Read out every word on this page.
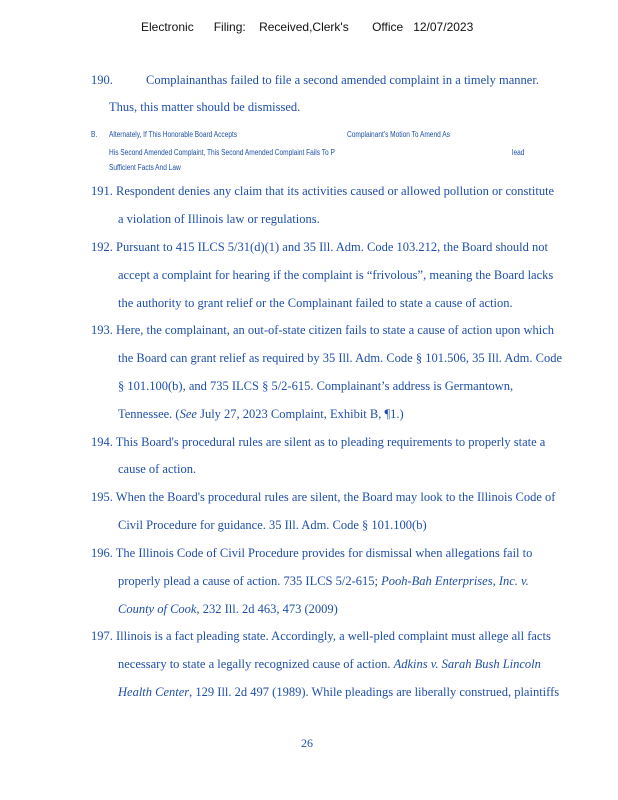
Electronic Filing: Received,Clerk's Office 12/07/2023
190.	Complainanthas failed to file a second amended complaint in a timely manner.
Thus, this matter should be dismissed.
B. Alternately, If This Honorable Board Accepts	Complainant's Motion To Amend As
His Second Amended Complaint, This Second Amended Complaint Fails To P	lead
Sufficient Facts And Law
191. Respondent denies any claim that its activities caused or allowed pollution or constitute
a violation of Illinois law or regulations.
192. Pursuant to 415 ILCS 5/31(d)(1) and 35 Ill. Adm. Code 103.212, the Board should not
accept a complaint for hearing if the complaint is “frivolous”, meaning the Board lacks
the authority to grant relief or the Complainant failed to state a cause of action.
193. Here, the complainant, an out-of-state citizen fails to state a cause of action upon which
the Board can grant relief as required by 35 Ill. Adm. Code § 101.506, 35 Ill. Adm. Code
§ 101.100(b), and 735 ILCS § 5/2-615. Complainant’s address is Germantown,
Tennessee. (See July 27, 2023 Complaint, Exhibit B, ¶1.)
194. This Board's procedural rules are silent as to pleading requirements to properly state a
cause of action.
195. When the Board's procedural rules are silent, the Board may look to the Illinois Code of
Civil Procedure for guidance. 35 Ill. Adm. Code § 101.100(b)
196. The Illinois Code of Civil Procedure provides for dismissal when allegations fail to
properly plead a cause of action. 735 ILCS 5/2-615; Pooh-Bah Enterprises, Inc. v.
County of Cook, 232 Ill. 2d 463, 473 (2009)
197. Illinois is a fact pleading state. Accordingly, a well-pled complaint must allege all facts
necessary to state a legally recognized cause of action. Adkins v. Sarah Bush Lincoln
Health Center, 129 Ill. 2d 497 (1989). While pleadings are liberally construed, plaintiffs
26
